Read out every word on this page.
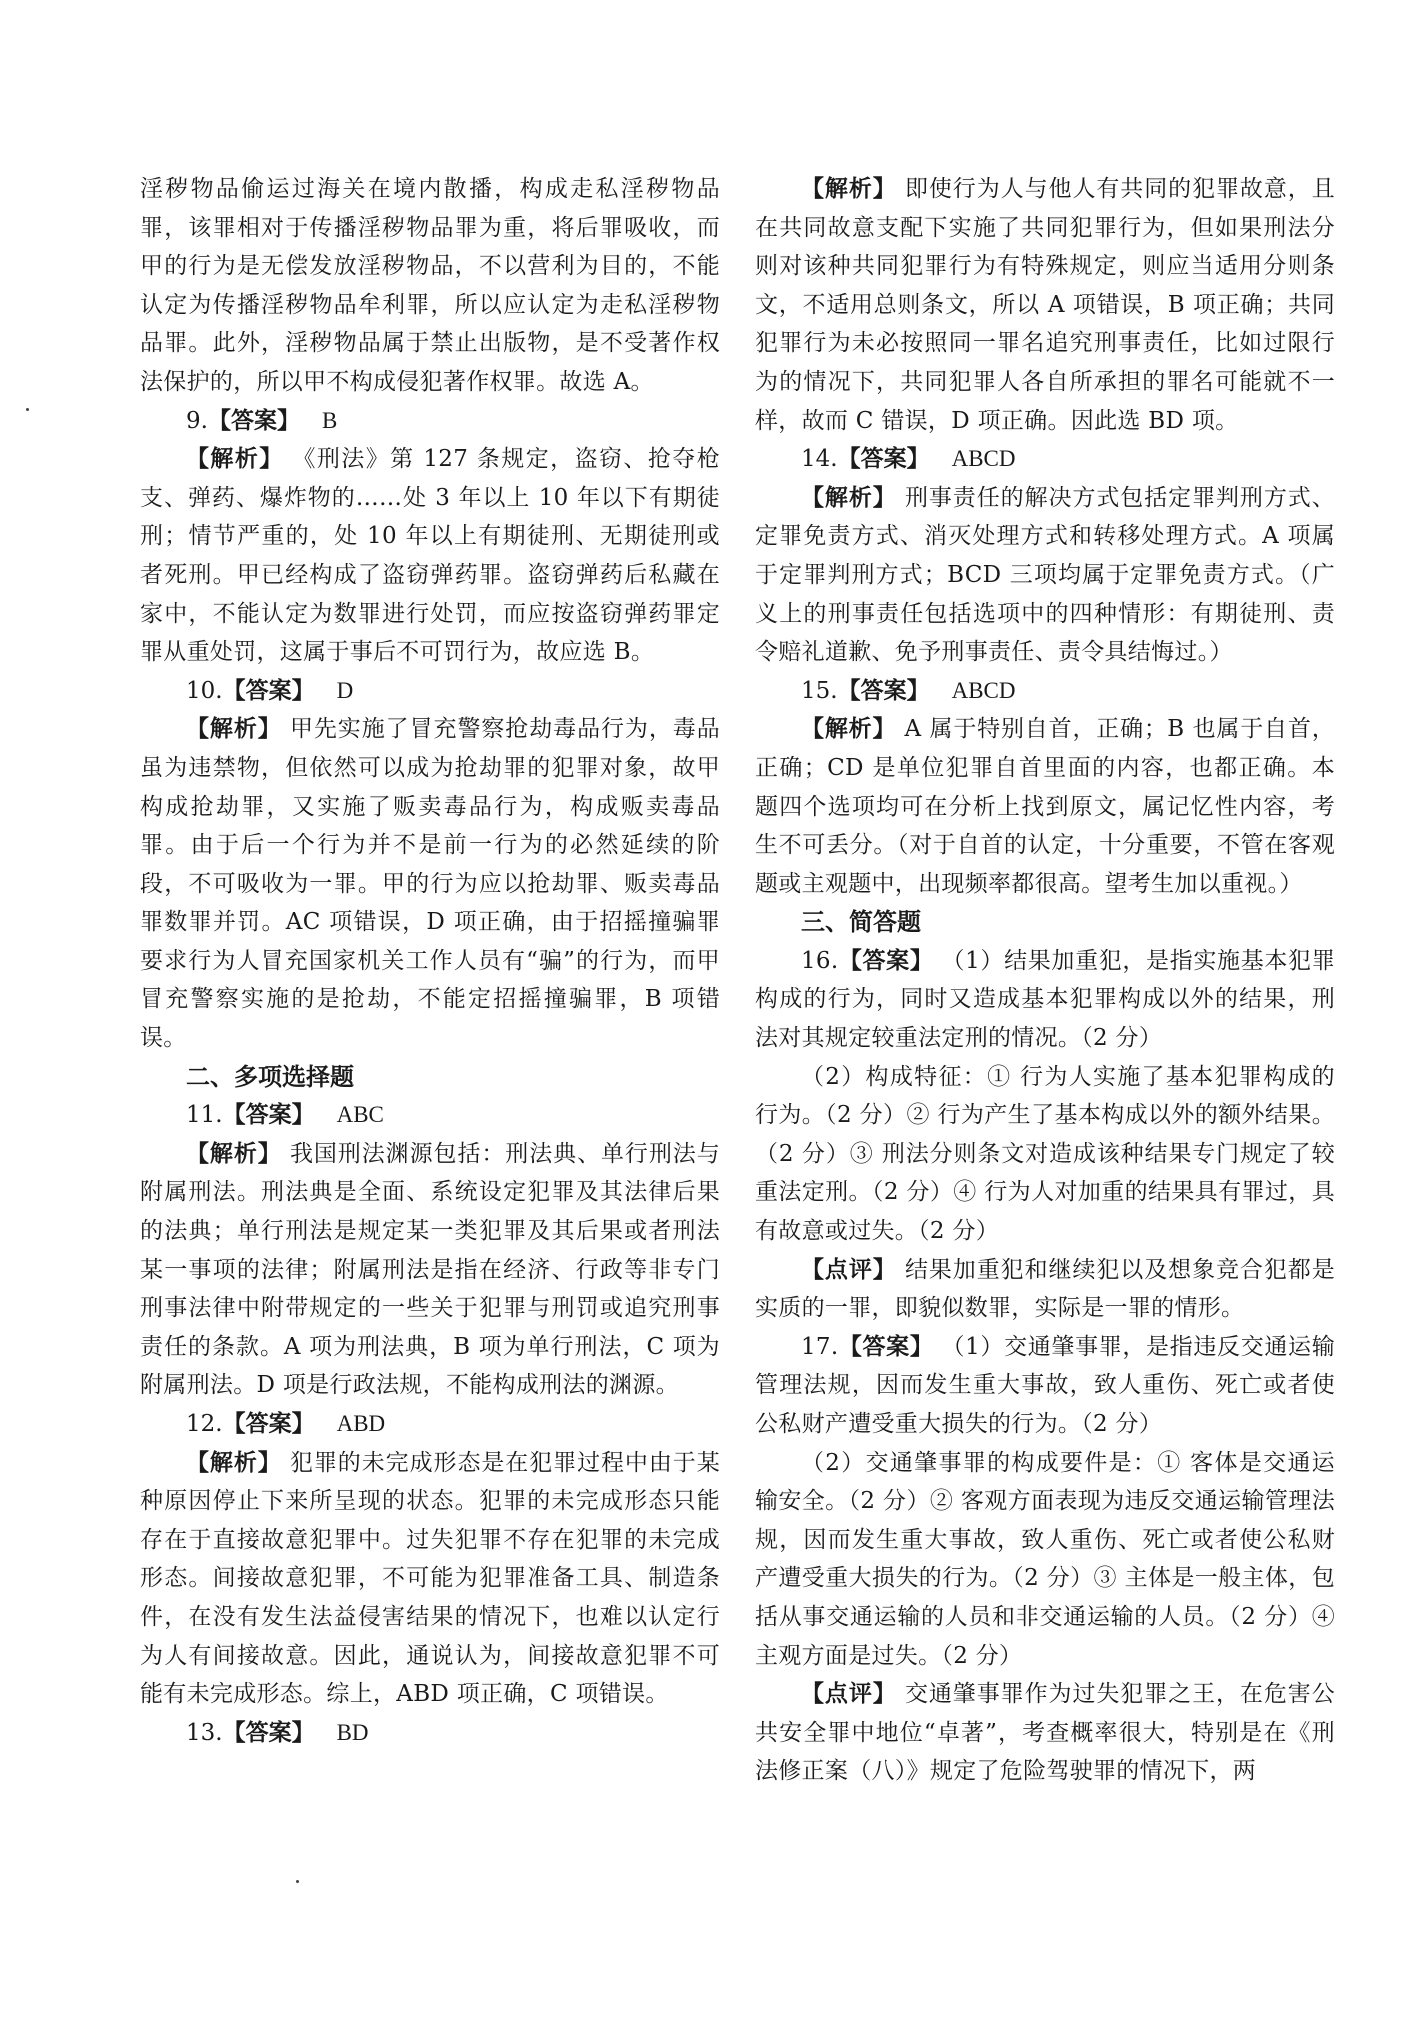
淫秽物品偷运过海关在境内散播，构成走私淫秽物品罪，该罪相对于传播淫秽物品罪为重，将后罪吸收，而甲的行为是无偿发放淫秽物品，不以营利为目的，不能认定为传播淫秽物品牟利罪，所以应认定为走私淫秽物品罪。此外，淫秽物品属于禁止出版物，是不受著作权法保护的，所以甲不构成侵犯著作权罪。故选 A。

9.【答案】 B

【解析】 《刑法》第 127 条规定，盗窃、抢夺枪支、弹药、爆炸物的……处 3 年以上 10 年以下有期徒刑；情节严重的，处 10 年以上有期徒刑、无期徒刑或者死刑。甲已经构成了盗窃弹药罪。盗窃弹药后私藏在家中，不能认定为数罪进行处罚，而应按盗窃弹药罪定罪从重处罚，这属于事后不可罚行为，故应选 B。

10.【答案】 D

【解析】 甲先实施了冒充警察抢劫毒品行为，毒品虽为违禁物，但依然可以成为抢劫罪的犯罪对象，故甲构成抢劫罪，又实施了贩卖毒品行为，构成贩卖毒品罪。由于后一个行为并不是前一行为的必然延续的阶段，不可吸收为一罪。甲的行为应以抢劫罪、贩卖毒品罪数罪并罚。AC 项错误，D 项正确，由于招摇撞骗罪要求行为人冒充国家机关工作人员有“骗”的行为，而甲冒充警察实施的是抢劫，不能定招摇撞骗罪，B 项错误。

二、多项选择题

11.【答案】 ABC

【解析】 我国刑法渊源包括：刑法典、单行刑法与附属刑法。刑法典是全面、系统设定犯罪及其法律后果的法典；单行刑法是规定某一类犯罪及其后果或者刑法某一事项的法律；附属刑法是指在经济、行政等非专门刑事法律中附带规定的一些关于犯罪与刑罚或追究刑事责任的条款。A 项为刑法典，B 项为单行刑法，C 项为附属刑法。D 项是行政法规，不能构成刑法的渊源。

12.【答案】 ABD

【解析】 犯罪的未完成形态是在犯罪过程中由于某种原因停止下来所呈现的状态。犯罪的未完成形态只能存在于直接故意犯罪中。过失犯罪不存在犯罪的未完成形态。间接故意犯罪，不可能为犯罪准备工具、制造条件，在没有发生法益侵害结果的情况下，也难以认定行为人有间接故意。因此，通说认为，间接故意犯罪不可能有未完成形态。综上，ABD 项正确，C 项错误。

13.【答案】 BD

【解析】 即使行为人与他人有共同的犯罪故意，且在共同故意支配下实施了共同犯罪行为，但如果刑法分则对该种共同犯罪行为有特殊规定，则应当适用分则条文，不适用总则条文，所以 A 项错误，B 项正确；共同犯罪行为未必按照同一罪名追究刑事责任，比如过限行为的情况下，共同犯罪人各自所承担的罪名可能就不一样，故而 C 错误，D 项正确。因此选 BD 项。

14.【答案】 ABCD

【解析】 刑事责任的解决方式包括定罪判刑方式、定罪免责方式、消灭处理方式和转移处理方式。A 项属于定罪判刑方式；BCD 三项均属于定罪免责方式。（广义上的刑事责任包括选项中的四种情形：有期徒刑、责令赔礼道歉、免予刑事责任、责令具结悔过。）

15.【答案】 ABCD

【解析】 A 属于特别自首，正确；B 也属于自首，正确；CD 是单位犯罪自首里面的内容，也都正确。本题四个选项均可在分析上找到原文，属记忆性内容，考生不可丢分。（对于自首的认定，十分重要，不管在客观题或主观题中，出现频率都很高。望考生加以重视。）

三、简答题

16.【答案】 （1）结果加重犯，是指实施基本犯罪构成的行为，同时又造成基本犯罪构成以外的结果，刑法对其规定较重法定刑的情况。（2 分）

（2）构成特征：① 行为人实施了基本犯罪构成的行为。（2 分）② 行为产生了基本构成以外的额外结果。（2 分）③ 刑法分则条文对造成该种结果专门规定了较重法定刑。（2 分）④ 行为人对加重的结果具有罪过，具有故意或过失。（2 分）

【点评】 结果加重犯和继续犯以及想象竞合犯都是实质的一罪，即貌似数罪，实际是一罪的情形。

17.【答案】 （1）交通肇事罪，是指违反交通运输管理法规，因而发生重大事故，致人重伤、死亡或者使公私财产遭受重大损失的行为。（2 分）

（2）交通肇事罪的构成要件是：① 客体是交通运输安全。（2 分）② 客观方面表现为违反交通运输管理法规，因而发生重大事故，致人重伤、死亡或者使公私财产遭受重大损失的行为。（2 分）③ 主体是一般主体，包括从事交通运输的人员和非交通运输的人员。（2 分）④ 主观方面是过失。（2 分）

【点评】 交通肇事罪作为过失犯罪之王，在危害公共安全罪中地位“卓著”，考查概率很大，特别是在《刑法修正案（八）》规定了危险驾驶罪的情况下，两
